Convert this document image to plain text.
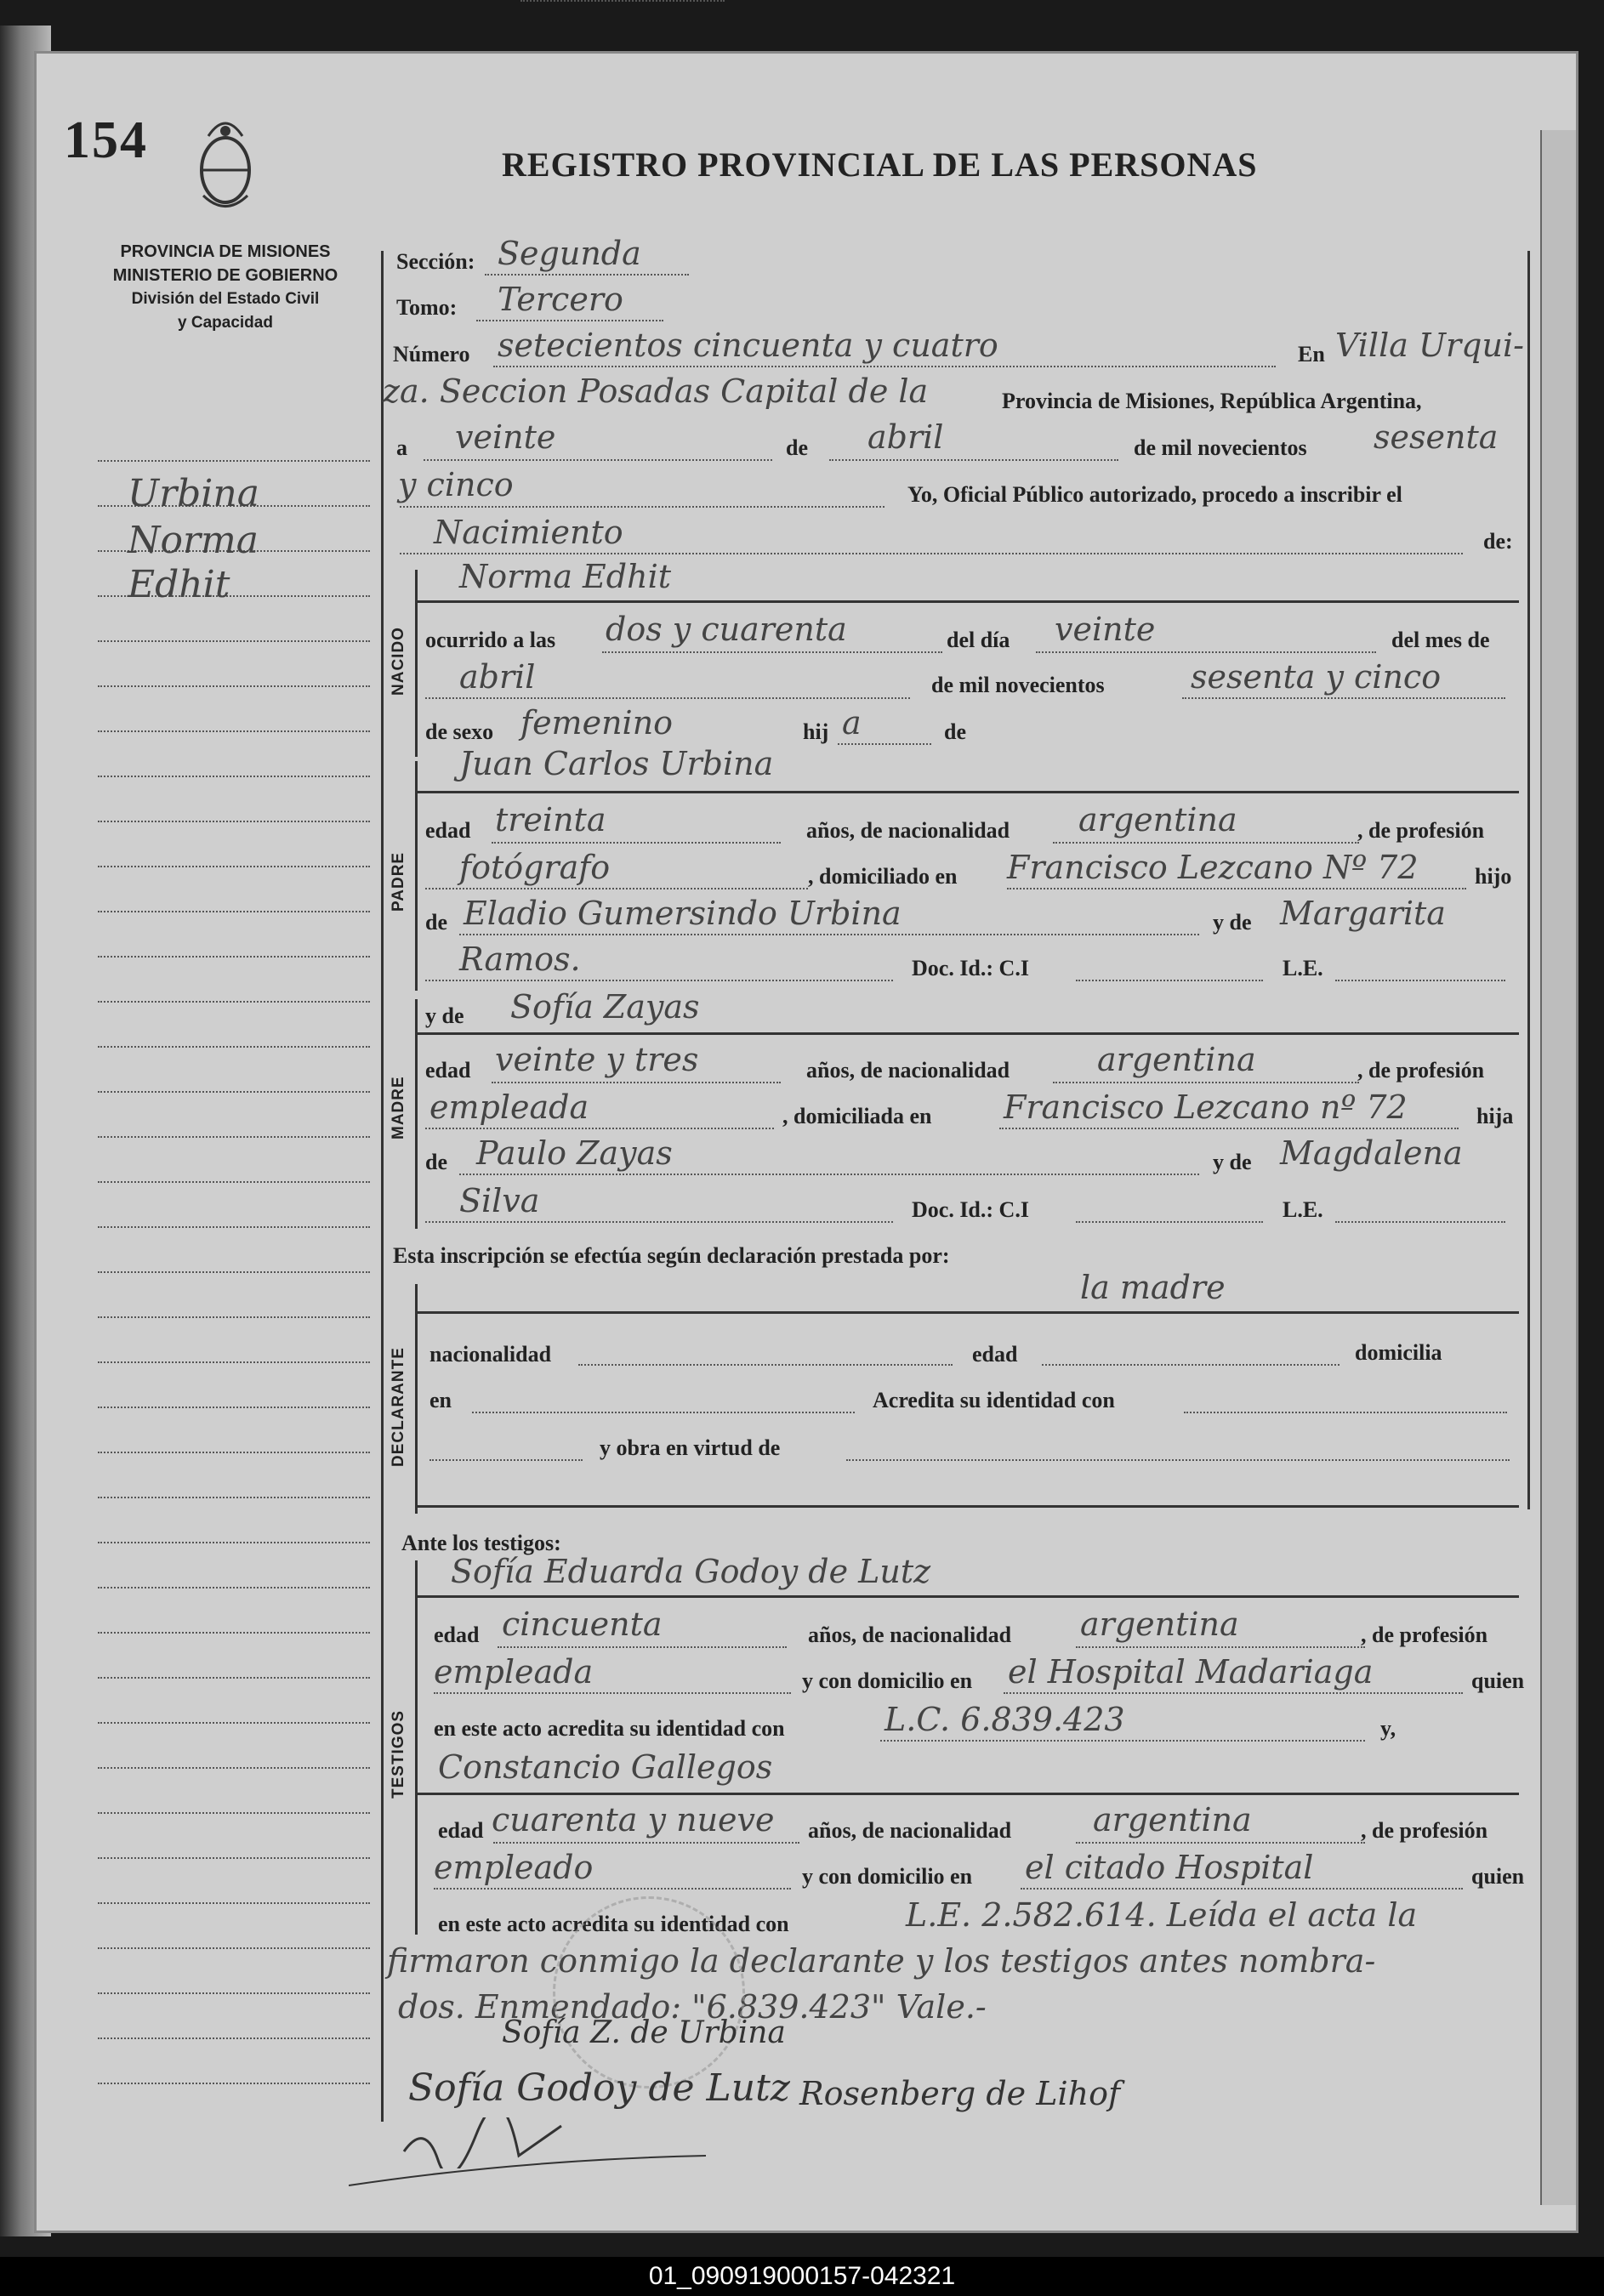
154	REGISTRO PROVINCIAL DE LAS PERSONAS
PROVINCIA DE MISIONES
MINISTERIO DE GOBIERNO
División del Estado Civil
y Capacidad
Urbina
Norma
Edhit
Sección: Segunda
Tomo: Tercero
Número setecientos cincuenta y cuatro	En Villa Urqui-
za. Seccion Posadas Capital de la	Provincia de Misiones, República Argentina,
a veinte	de abril	de mil novecientos sesenta
y cinco	Yo, Oficial Público autorizado, procedo a inscribir el
Nacimiento	de:
NACIDO
Norma Edhit
ocurrido a las dos y cuarenta	del día veinte	del mes de
abril	de mil novecientos	sesenta y cinco
de sexo femenino	hij a	de
PADRE
Juan Carlos Urbina
edad treinta	años, de nacionalidad argentina	, de profesión
fotógrafo	, domiciliado en Francisco Lezcano Nº 72	hijo
de Eladio Gumersindo Urbina	y de Margarita
Ramos.	Doc. Id.: C.I	L.E.
MADRE
y de Sofía Zayas
edad veinte y tres	años, de nacionalidad	argentina	, de profesión
empleada	, domiciliada en Francisco Lezcano nº 72	hija
de Paulo Zayas	y de Magdalena
Silva	Doc. Id.: C.I	L.E.
Esta inscripción se efectúa según declaración prestada por:
DECLARANTE
la madre
nacionalidad	edad	domicilia
en	Acredita su identidad con
y obra en virtud de
Ante los testigos:
TESTIGOS
Sofía Eduarda Godoy de Lutz
edad cincuenta	años, de nacionalidad argentina	, de profesión
empleada	y con domicilio en el Hospital Madariaga	quien
en este acto acredita su identidad con	L.C. 6.839.423	y,
Constancio Gallegos
edad cuarenta y nueve años, de nacionalidad	argentina	, de profesión
empleado	y con domicilio en el citado Hospital	quien
en este acto acredita su identidad con	L.E. 2.582.614. Leída el acta la
firmaron conmigo la declarante y los testigos antes nombra-
dos. Enmendado: "6.839.423" Vale.-
Sofía Z. de Urbina
Sofía Godoy de Lutz Rosenberg de Lihof
01_090919000157-042321
